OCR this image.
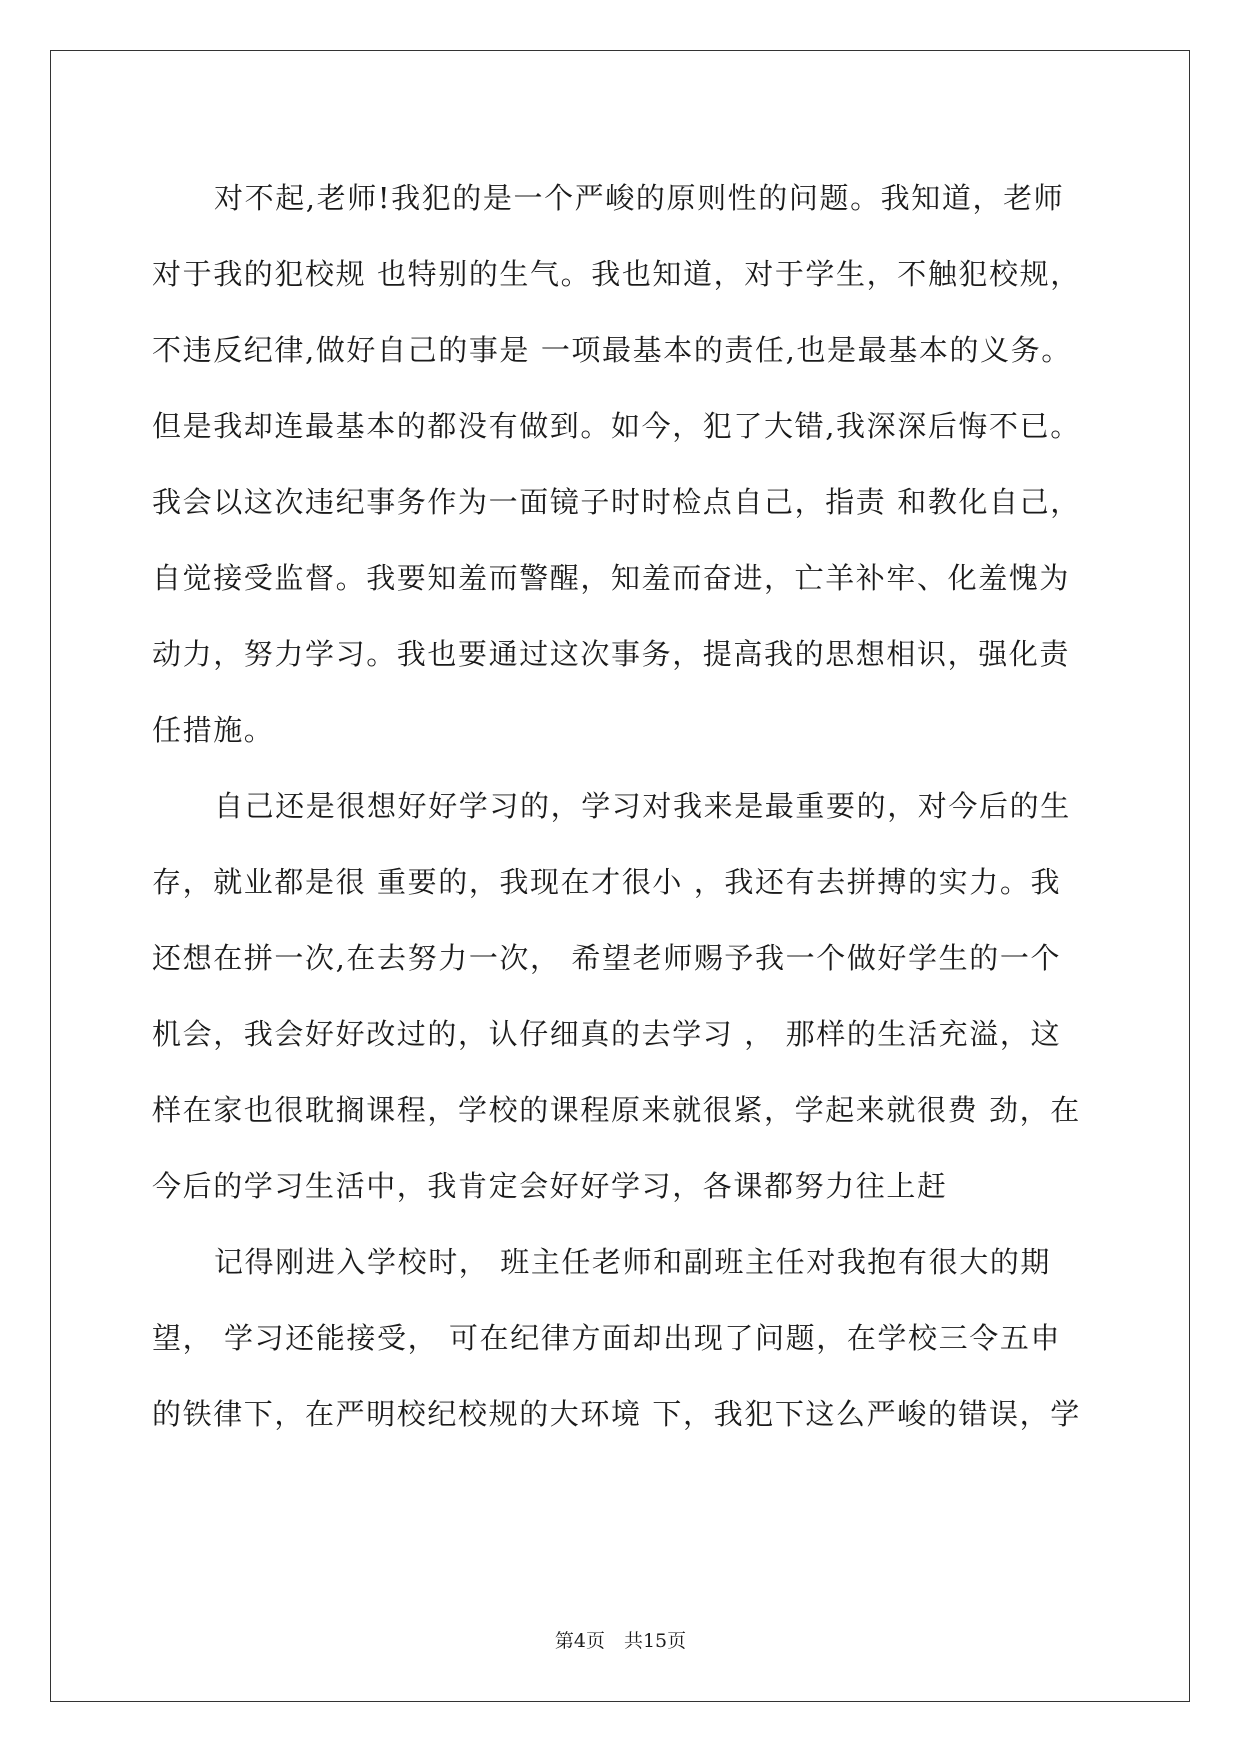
对不起,老师!我犯的是一个严峻的原则性的问题。我知道，老师
对于我的犯校规 也特别的生气。我也知道，对于学生，不触犯校规，
不违反纪律,做好自己的事是 一项最基本的责任,也是最基本的义务。
但是我却连最基本的都没有做到。如今，犯了大错,我深深后悔不已。
我会以这次违纪事务作为一面镜子时时检点自己，指责 和教化自己，
自觉接受监督。我要知羞而警醒，知羞而奋进，亡羊补牢、化羞愧为
动力，努力学习。我也要通过这次事务，提高我的思想相识，强化责
任措施。
自己还是很想好好学习的，学习对我来是最重要的，对今后的生
存，就业都是很 重要的，我现在才很小 ，我还有去拼搏的实力。我
还想在拼一次,在去努力一次， 希望老师赐予我一个做好学生的一个
机会，我会好好改过的，认仔细真的去学习 ， 那样的生活充溢，这
样在家也很耽搁课程，学校的课程原来就很紧，学起来就很费 劲，在
今后的学习生活中，我肯定会好好学习，各课都努力往上赶
记得刚进入学校时， 班主任老师和副班主任对我抱有很大的期
望， 学习还能接受， 可在纪律方面却出现了问题，在学校三令五申
的铁律下，在严明校纪校规的大环境 下，我犯下这么严峻的错误，学
第4页　共15页
